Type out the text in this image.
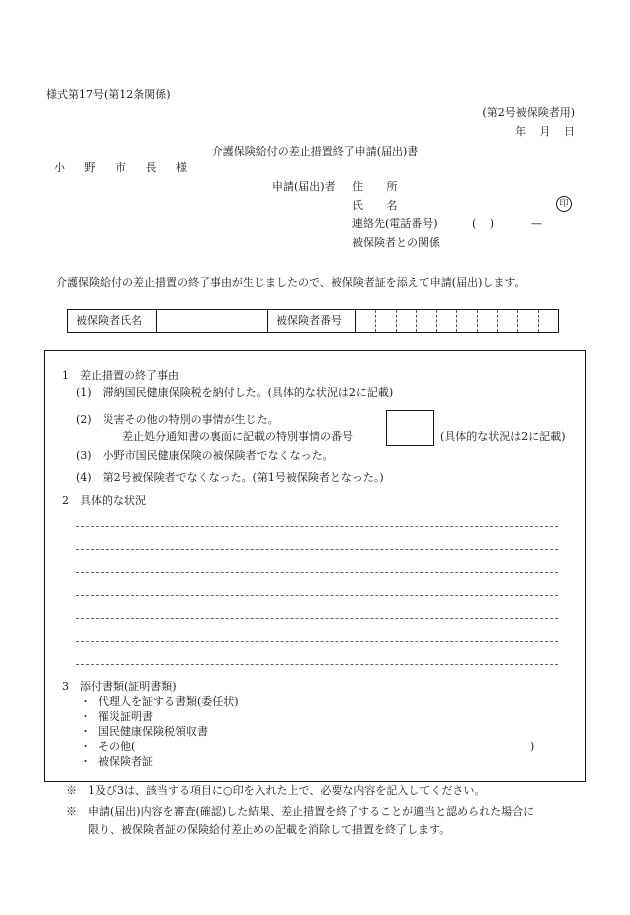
様式第17号(第12条関係)
(第2号被保険者用)
年 月 日
介護保険給付の差止措置終了申請(届出)書
小 野 市 長 様
申請(届出)者 住 所
氏 名	印
連絡先(電話番号)	( )	—
被保険者との関係
介護保険給付の差止措置の終了事由が生じましたので、被保険者証を添えて申請(届出)します。
被保険者氏名	被保険者番号
1　差止措置の終了事由
(1)　滞納国民健康保険税を納付した。(具体的な状況は2に記載)
(2)　災害その他の特別の事情が生じた。
差止処分通知書の裏面に記載の特別事情の番号	(具体的な状況は2に記載)
(3)　小野市国民健康保険の被保険者でなくなった。
(4)　第2号被保険者でなくなった。(第1号被保険者となった。)
2　具体的な状況
3　添付書類(証明書類)
・ 代理人を証する書類(委任状)
・ 罹災証明書
・ 国民健康保険税領収書
・ その他(	)
・ 被保険者証
※　 1及び3は、該当する項目に○印を入れた上で、必要な内容を記入してください。
※　 申請(届出)内容を審査(確認)した結果、差止措置を終了することが適当と認められた場合に
限り、被保険者証の保険給付差止めの記載を消除して措置を終了します。
